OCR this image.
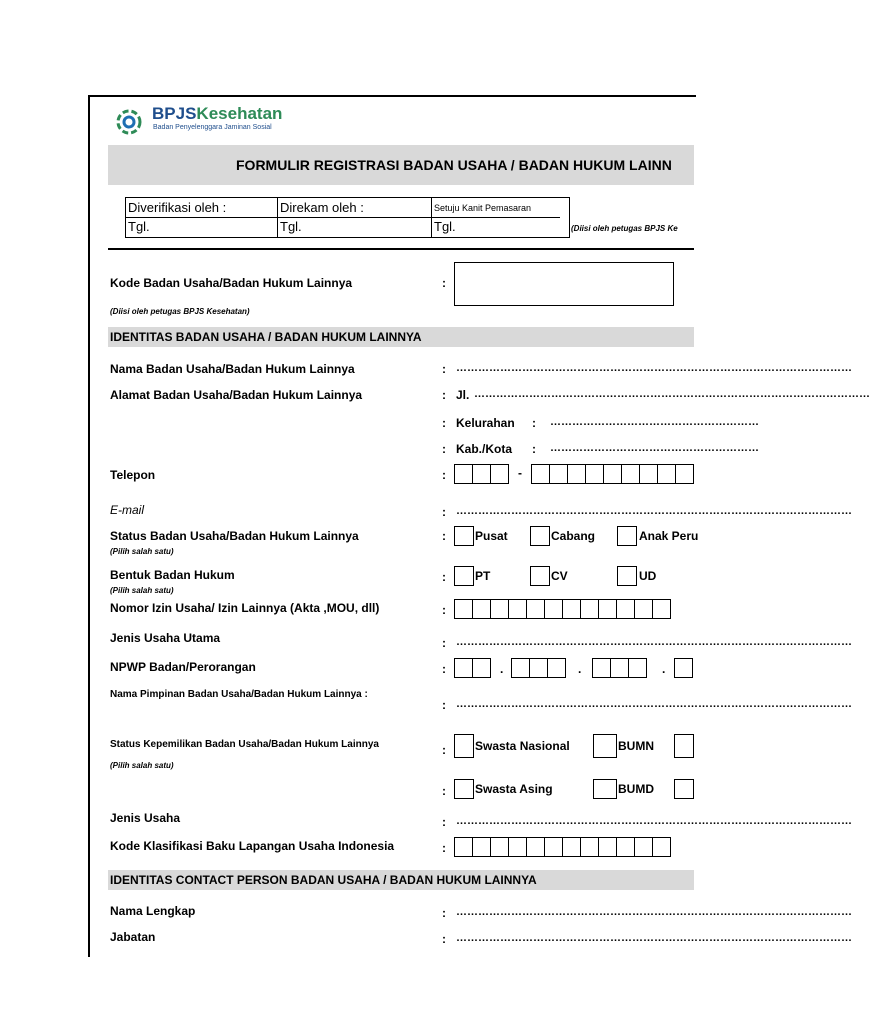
BPJSKesehatan
Badan Penyelenggara Jaminan Sosial
FORMULIR REGISTRASI BADAN USAHA / BADAN HUKUM LAINN
Diverifikasi oleh :	Direkam oleh :	Setuju Kanit Pemasaran
Tgl.	Tgl.	Tgl.	(Diisi oleh petugas BPJS Ke
Kode Badan Usaha/Badan Hukum Lainnya	:
(Diisi oleh petugas BPJS Kesehatan)
IDENTITAS BADAN USAHA / BADAN HUKUM LAINNYA
Nama Badan Usaha/Badan Hukum Lainnya	: ………………………………………………………………………………………………
Alamat Badan Usaha/Badan Hukum Lainnya	: Jl. ………………………………………………………………………………………………
: Kelurahan : …………………………………………………
: Kab./Kota : …………………………………………………
Telepon	:	-
E-mail	: ………………………………………………………………………………………………
Status Badan Usaha/Badan Hukum Lainnya
(Pilih salah satu)
: Pusat	Cabang	Anak Peru
Bentuk Badan Hukum
(Pilih salah satu)
: PT	CV	UD
Nomor Izin Usaha/ Izin Lainnya (Akta ,MOU, dll)	:
Jenis Usaha Utama	: ………………………………………………………………………………………………
NPWP Badan/Perorangan	:	.	.	.
Nama Pimpinan Badan Usaha/Badan Hukum Lainnya :
: ………………………………………………………………………………………………
Status Kepemilikan Badan Usaha/Badan Hukum Lainnya
(Pilih salah satu)
: Swasta Nasional	BUMN
: Swasta Asing	BUMD
Jenis Usaha	: ………………………………………………………………………………………………
Kode Klasifikasi Baku Lapangan Usaha Indonesia	:
IDENTITAS CONTACT PERSON BADAN USAHA / BADAN HUKUM LAINNYA
Nama Lengkap	: ………………………………………………………………………………………………
Jabatan	: ………………………………………………………………………………………………
